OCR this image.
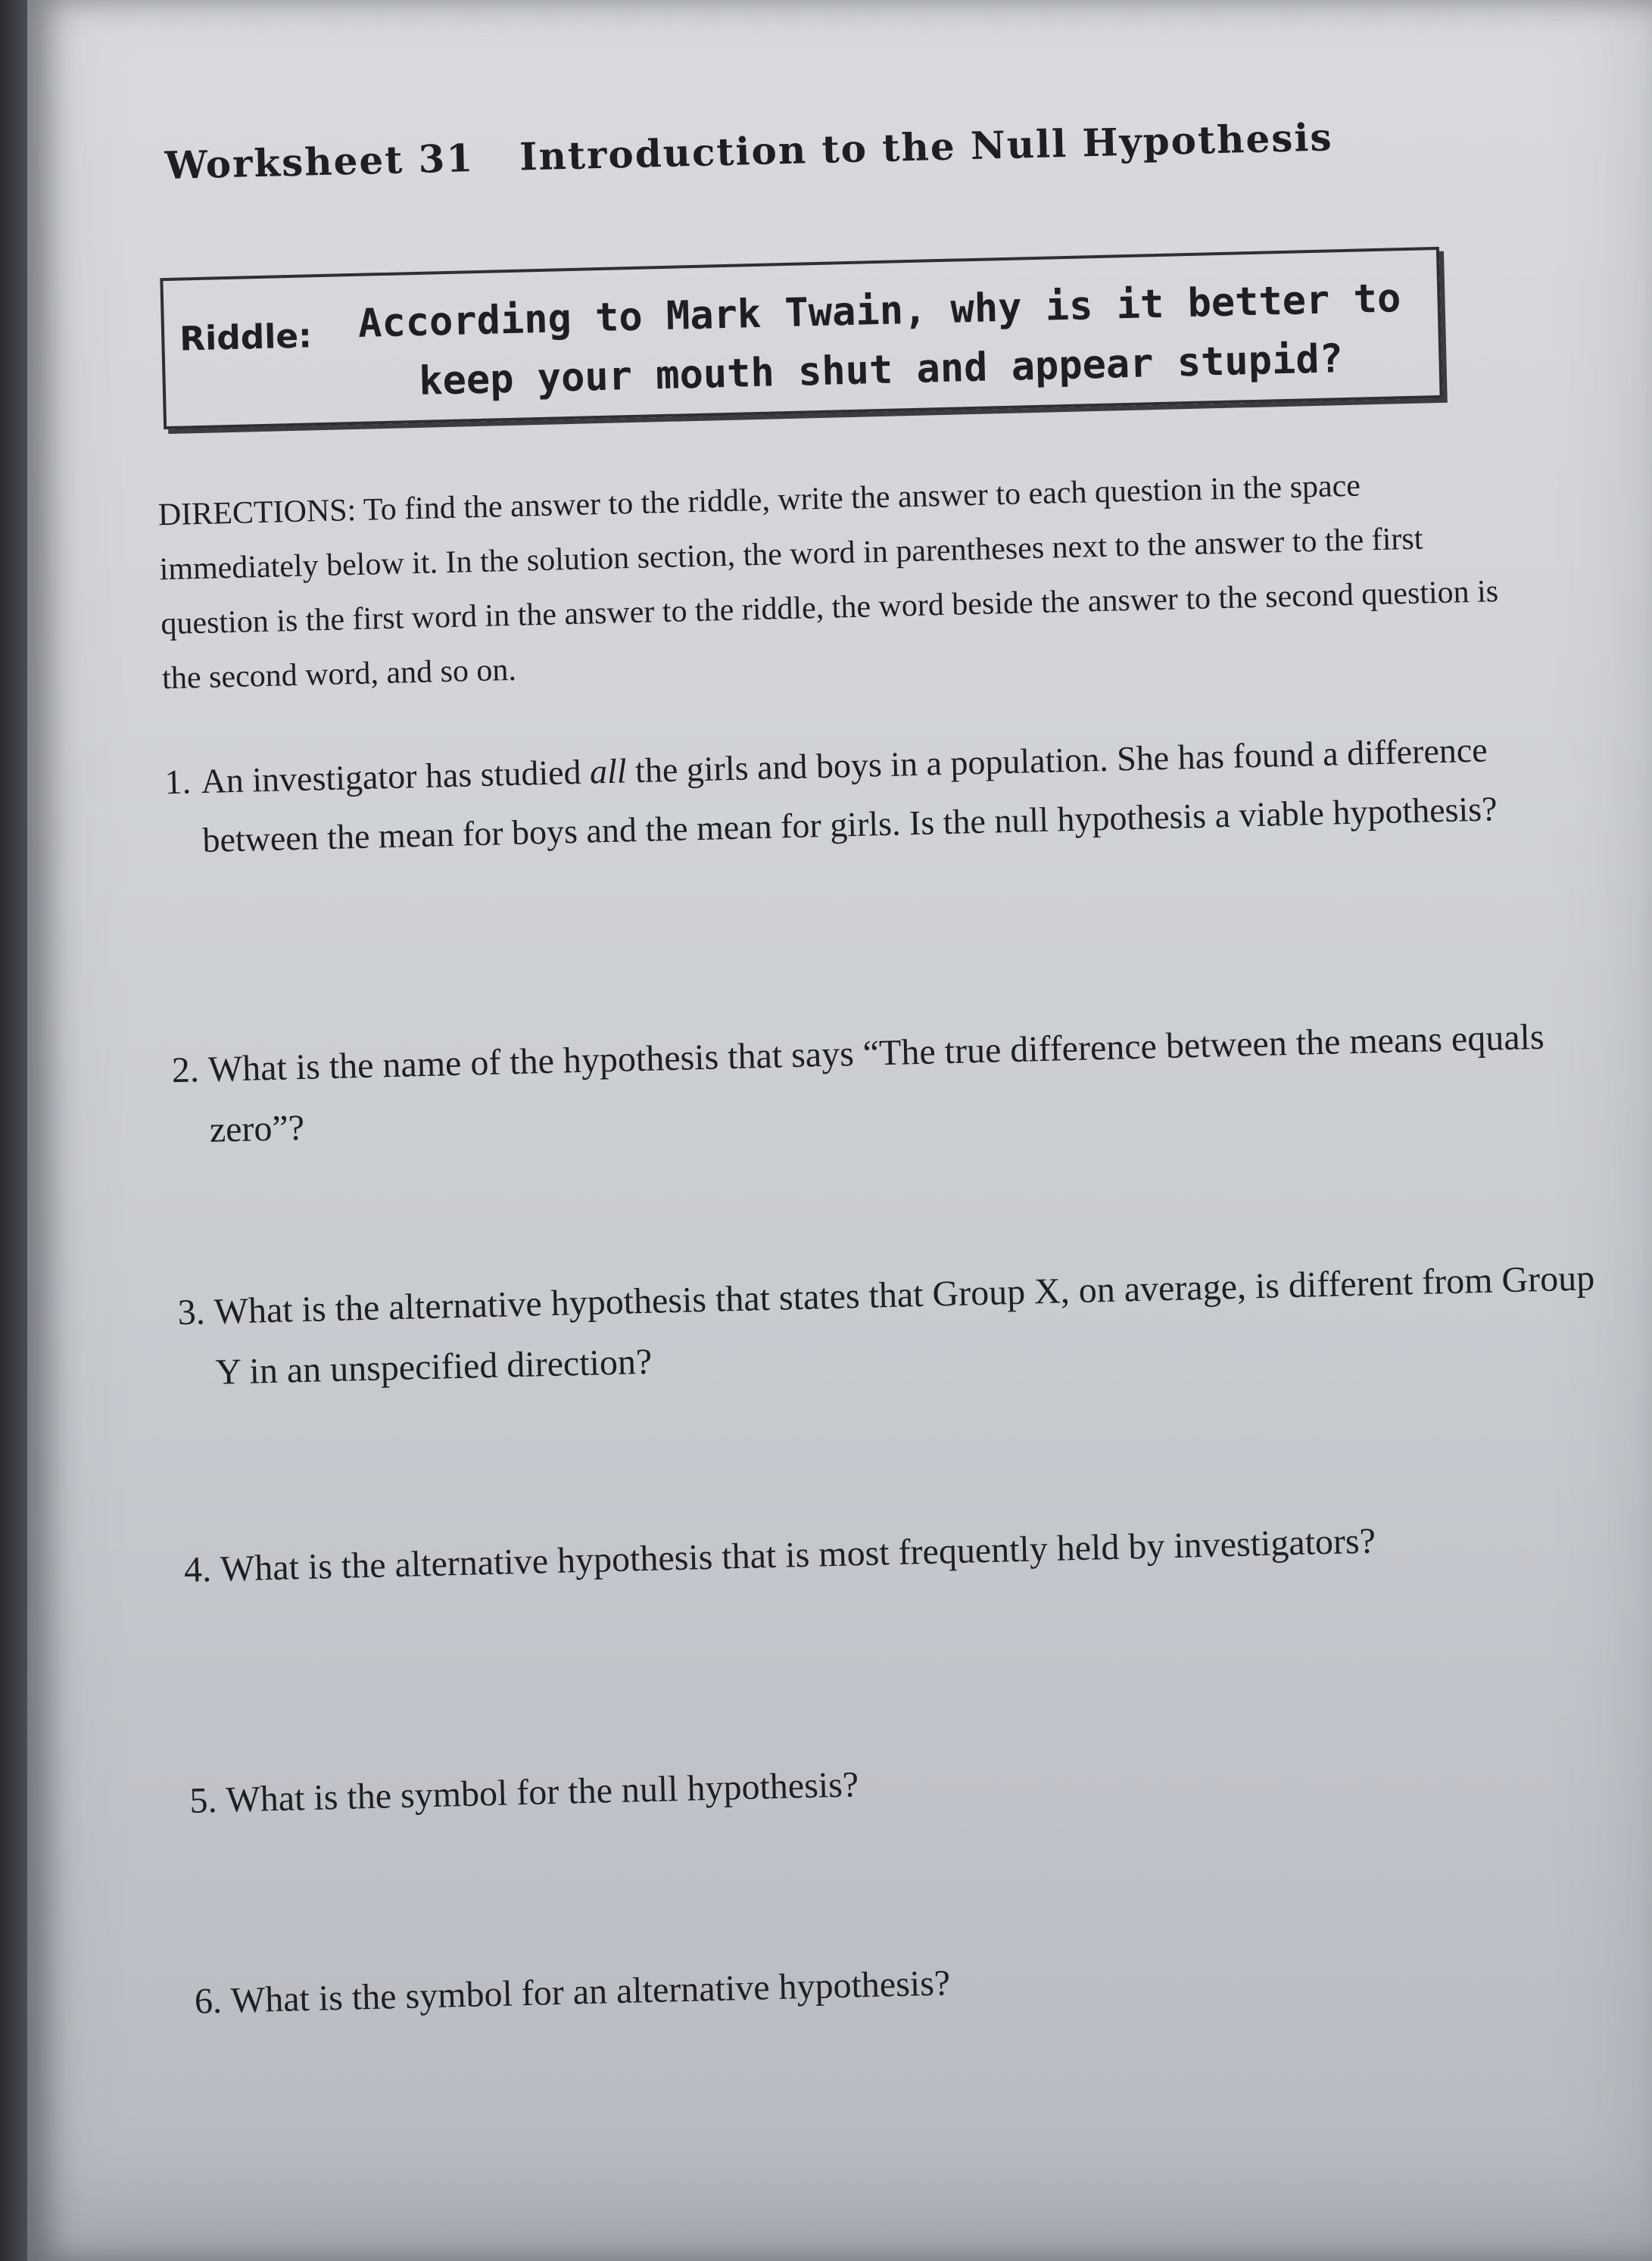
Worksheet 31 Introduction to the Null Hypothesis
Riddle:	According to Mark Twain, why is it better to keep your mouth shut and appear stupid?

DIRECTIONS: To find the answer to the riddle, write the answer to each question in the space immediately below it. In the solution section, the word in parentheses next to the answer to the first question is the first word in the answer to the riddle, the word beside the answer to the second question is the second word, and so on.

1. An investigator has studied all the girls and boys in a population. She has found a difference between the mean for boys and the mean for girls. Is the null hypothesis a viable hypothesis?

2. What is the name of the hypothesis that says “The true difference between the means equals zero”?

3. What is the alternative hypothesis that states that Group X, on average, is different from Group Y in an unspecified direction?

4. What is the alternative hypothesis that is most frequently held by investigators?

5. What is the symbol for the null hypothesis?

6. What is the symbol for an alternative hypothesis?
